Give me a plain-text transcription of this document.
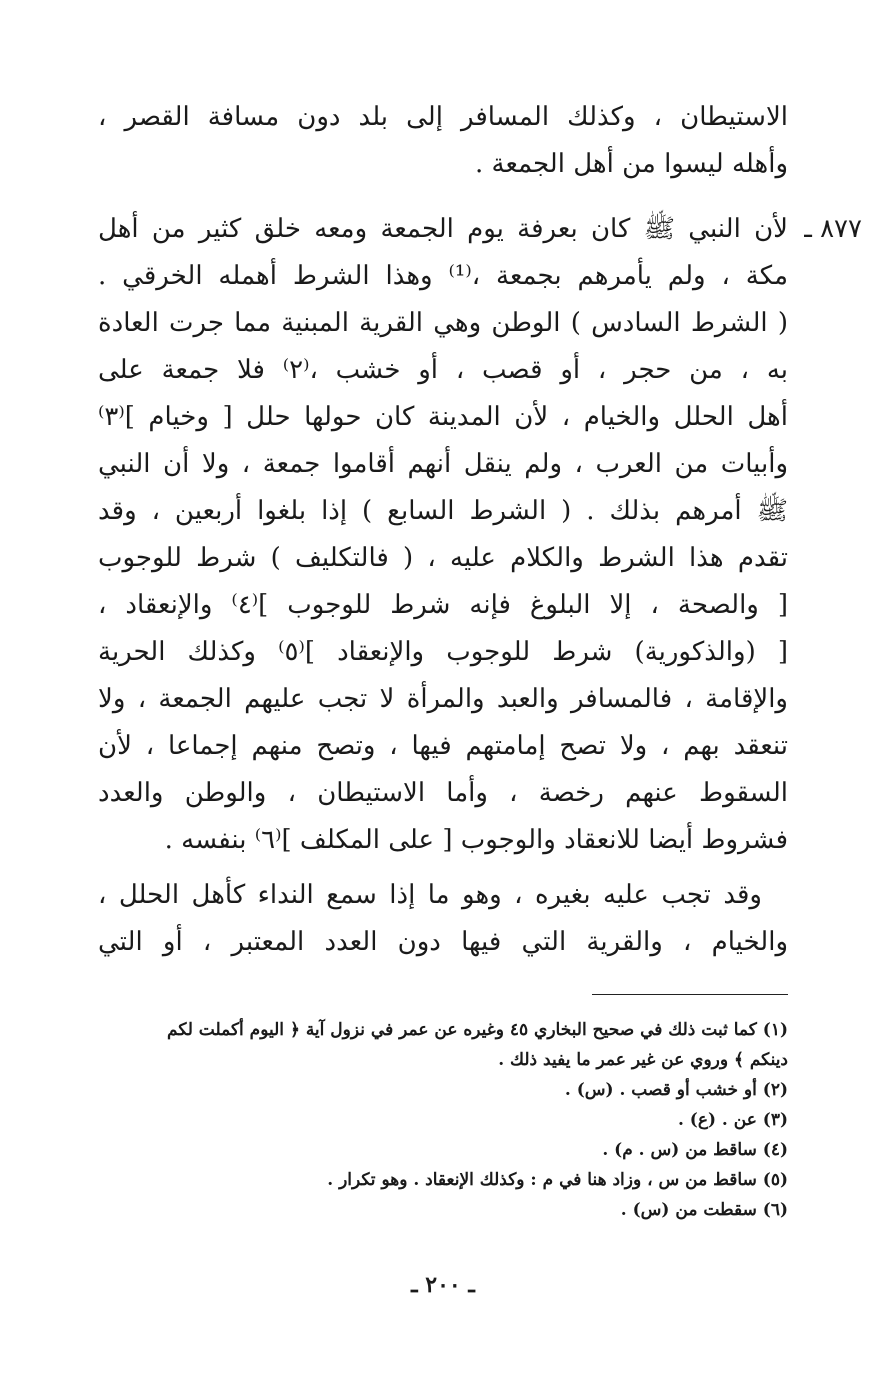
الاستيطان ، وكذلك المسافر إلى بلد دون مسافة القصر ،
وأهله ليسوا من أهل الجمعة .
٨٧٧ ـ
لأن النبي ﷺ كان بعرفة يوم الجمعة ومعه خلق كثير من أهل
مكة ، ولم يأمرهم بجمعة ،⁽¹⁾ وهذا الشرط أهمله الخرقي .
( الشرط السادس ) الوطن وهي القرية المبنية مما جرت العادة
به ، من حجر ، أو قصب ، أو خشب ،⁽٢⁾ فلا جمعة على
أهل الحلل والخيام ، لأن المدينة كان حولها حلل [ وخيام ]⁽٣⁾
وأبيات من العرب ، ولم ينقل أنهم أقاموا جمعة ، ولا أن النبي
ﷺ أمرهم بذلك . ( الشرط السابع ) إذا بلغوا أربعين ، وقد
تقدم هذا الشرط والكلام عليه ، ( فالتكليف ) شرط للوجوب
[ والصحة ، إلا البلوغ فإنه شرط للوجوب ]⁽٤⁾ والإنعقاد ،
[ (والذكورية) شرط للوجوب والإنعقاد ]⁽٥⁾ وكذلك الحرية
والإقامة ، فالمسافر والعبد والمرأة لا تجب عليهم الجمعة ، ولا
تنعقد بهم ، ولا تصح إمامتهم فيها ، وتصح منهم إجماعا ، لأن
السقوط عنهم رخصة ، وأما الاستيطان ، والوطن والعدد
فشروط أيضا للانعقاد والوجوب [ على المكلف ]⁽٦⁾ بنفسه .
وقد تجب عليه بغيره ، وهو ما إذا سمع النداء كأهل الحلل ،
والخيام ، والقرية التي فيها دون العدد المعتبر ، أو التي
(١) كما ثبت ذلك في صحيح البخاري ٤٥ وغيره عن عمر في نزول آية ﴿ اليوم أكملت لكم
دينكم ﴾ وروي عن غير عمر ما يفيد ذلك .
(٢) أو خشب أو قصب . (س) .
(٣) عن . (ع) .
(٤) ساقط من (س . م) .
(٥) ساقط من س ، وزاد هنا في م : وكذلك الإنعقاد . وهو تكرار .
(٦) سقطت من (س) .
ـ ٢٠٠ ـ
